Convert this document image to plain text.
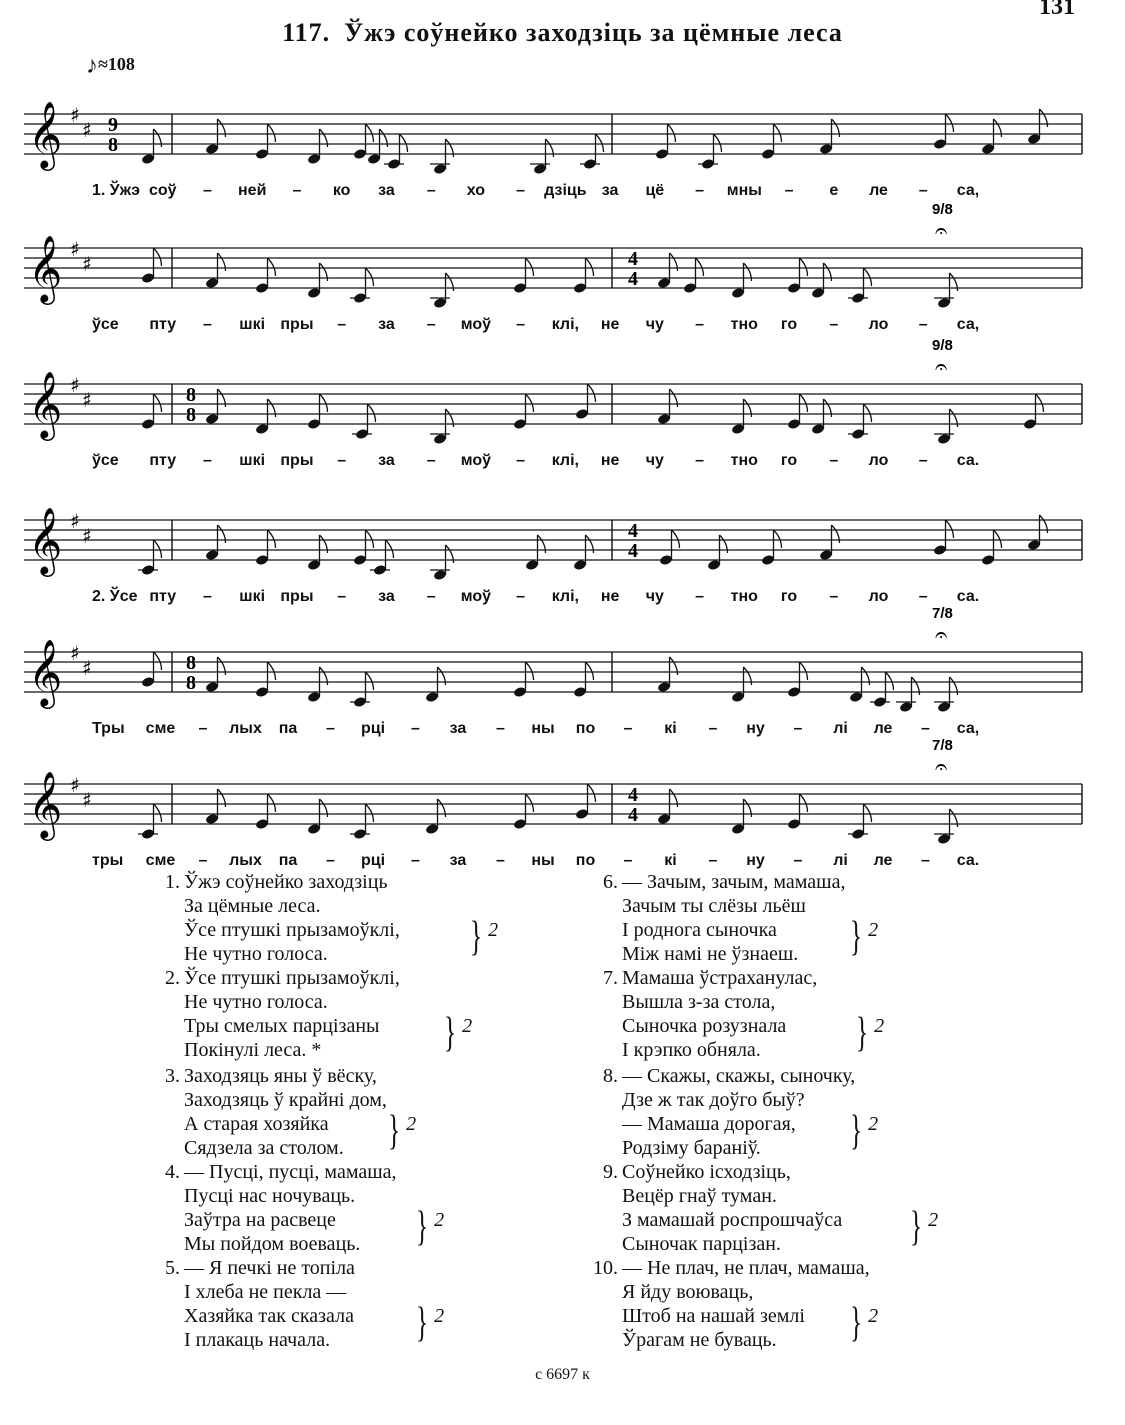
131
117. Ўжэ соўнейко заходзіць за цёмные леса
♪≈108
𝄞 ♯
♯ 9
8
1. Ўжэ соў – ней – ко за – хо – дзіць за цё – мны – е ле – са,
𝄞 ♯
♯	4
4
𝄐
9/8
ўсе пту – шкі пры – за – моў – клі, не чу – тно го – ло – са,
𝄞 ♯
♯	8
8
𝄐
9/8
ўсе пту – шкі пры – за – моў – клі, не чу – тно го – ло – са.
𝄞 ♯
♯	4
4
2. Ўсе пту – шкі пры – за – моў – клі, не чу – тно го – ло – са.
𝄞 ♯
♯	8
8
𝄐
7/8
Тры сме – лых па – рці – за – ны по – кі – ну – лі ле – са,
𝄞 ♯
♯	4
4
𝄐
7/8
тры сме – лых па – рці – за – ны по – кі – ну – лі ле – са.
1. Ўжэ соўнейко заходзіць
За цёмные леса.
Ўсе птушкі прызамоўклі,
Не чутно голоса.	} 2
2. Ўсе птушкі прызамоўклі,
Не чутно голоса.
Тры смелых парцізаны
Покінулі леса. *	} 2
3. Заходзяць яны ў вёску,
Заходзяць ў крайні дом,
А старая хозяйка
Сядзела за столом.	} 2
4. — Пусці, пусці, мамаша,
Пусці нас ночуваць.
Заўтра на расвеце
Мы пойдом воеваць.	} 2
5. — Я печкі не топіла
І хлеба не пекла —
Хазяйка так сказала
І плакаць начала.	} 2
6. — Зачым, зачым, мамаша,
Зачым ты слёзы льёш
І роднога сыночка
Між намі не ўзнаеш.	} 2
7. Мамаша ўстраханулас,
Вышла з-за стола,
Сыночка розузнала
І крэпко обняла.	} 2
8. — Скажы, скажы, сыночку,
Дзе ж так доўго быў?
— Мамаша дорогая,
Родзіму бараніў.	} 2
9. Соўнейко ісходзіць,
Вецёр гнаў туман.
З мамашай роспрошчаўса
Сыночак парцізан.	} 2
10. — Не плач, не плач, мамаша,
Я йду воюваць,
Штоб на нашай землі
Ўрагам не буваць.	} 2
с 6697 к
